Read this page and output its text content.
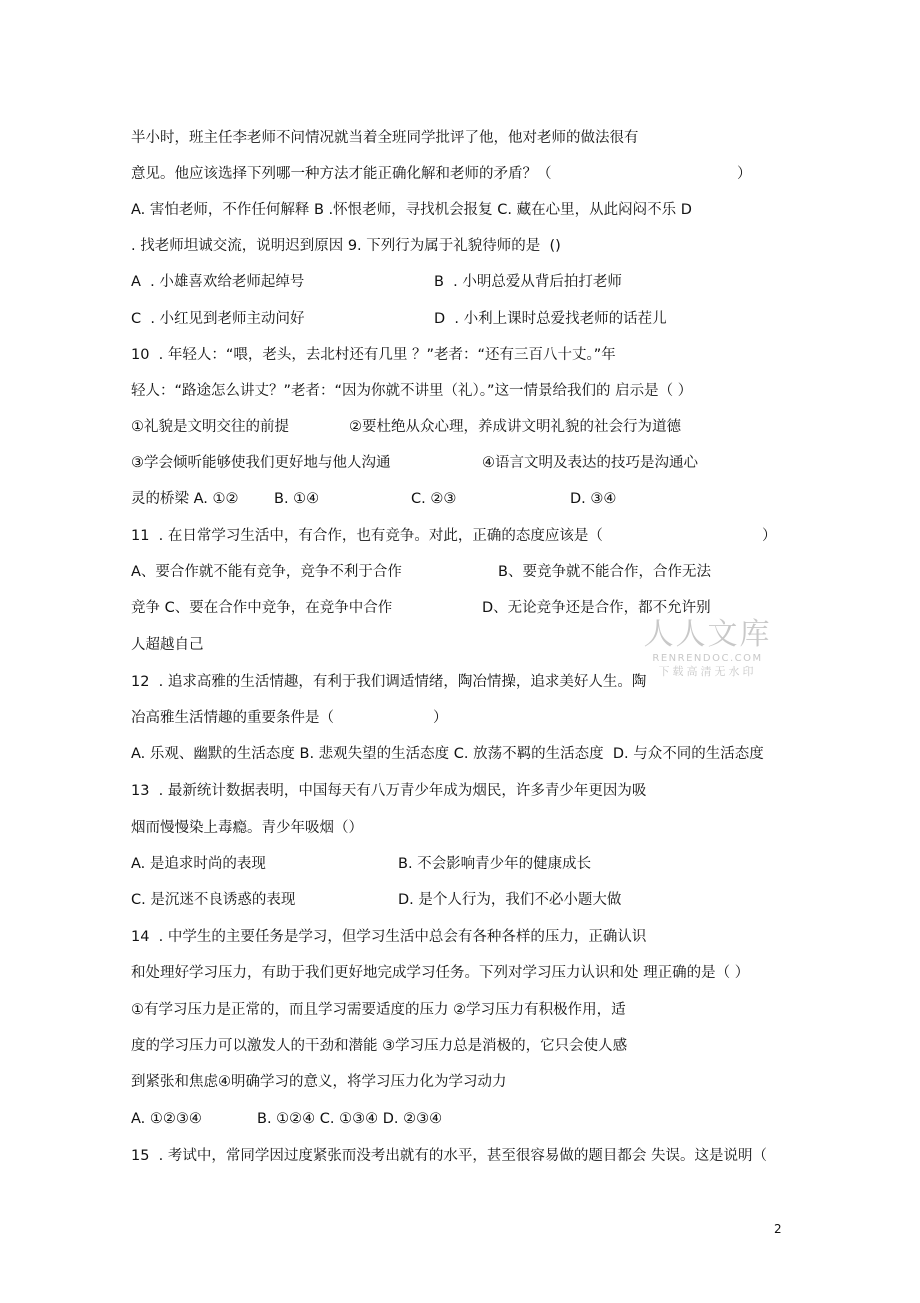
半小时，班主任李老师不问情况就当着全班同学批评了他，他对老师的做法很有
意见。他应该选择下列哪一种方法才能正确化解和老师的矛盾？（	）
A. 害怕老师，不作任何解释 B .怀恨老师，寻找机会报复 C. 藏在心里，从此闷闷不乐 D
. 找老师坦诚交流，说明迟到原因 9. 下列行为属于礼貌待师的是  ()
A  . 小雄喜欢给老师起绰号	B  . 小明总爱从背后拍打老师
C  . 小红见到老师主动问好	D  . 小利上课时总爱找老师的话茬儿
10  . 年轻人：“喂，老头，去北村还有几里 ？”老者：“还有三百八十丈。”年
轻人：“路途怎么讲丈？”老者：“因为你就不讲里（礼）。”这一情景给我们的 启示是（ ）
①礼貌是文明交往的前提	②要杜绝从众心理，养成讲文明礼貌的社会行为道德
③学会倾听能够使我们更好地与他人沟通	④语言文明及表达的技巧是沟通心
灵的桥梁 A. ①② B. ①④	C. ②③	D. ③④
11  . 在日常学习生活中，有合作，也有竞争。对此，正确的态度应该是（	）
A、要合作就不能有竞争，竞争不利于合作	B、要竞争就不能合作，合作无法
竞争 C、要在合作中竞争，在竞争中合作	D、无论竞争还是合作，都不允许别
人超越自己
12  . 追求高雅的生活情趣，有利于我们调适情绪，陶冶情操，追求美好人生。陶
冶高雅生活情趣的重要条件是（	）
A. 乐观、幽默的生活态度 B. 悲观失望的生活态度 C. 放荡不羁的生活态度  D. 与众不同的生活态度
13  . 最新统计数据表明，中国每天有八万青少年成为烟民，许多青少年更因为吸
烟而慢慢染上毒瘾。青少年吸烟（）
A. 是追求时尚的表现	B. 不会影响青少年的健康成长
C. 是沉迷不良诱惑的表现	D. 是个人行为，我们不必小题大做
14  . 中学生的主要任务是学习，但学习生活中总会有各种各样的压力，正确认识
和处理好学习压力，有助于我们更好地完成学习任务。下列对学习压力认识和处 理正确的是（ ）
①有学习压力是正常的，而且学习需要适度的压力 ②学习压力有积极作用，适
度的学习压力可以激发人的干劲和潜能 ③学习压力总是消极的，它只会使人感
到紧张和焦虑④明确学习的意义，将学习压力化为学习动力
A. ①②③④	B. ①②④ C. ①③④ D. ②③④
15  . 考试中，常同学因过度紧张而没考出就有的水平，甚至很容易做的题目都会 失误。这是说明（
人人文库
RENRENDOC.COM
下载高清无水印
2
